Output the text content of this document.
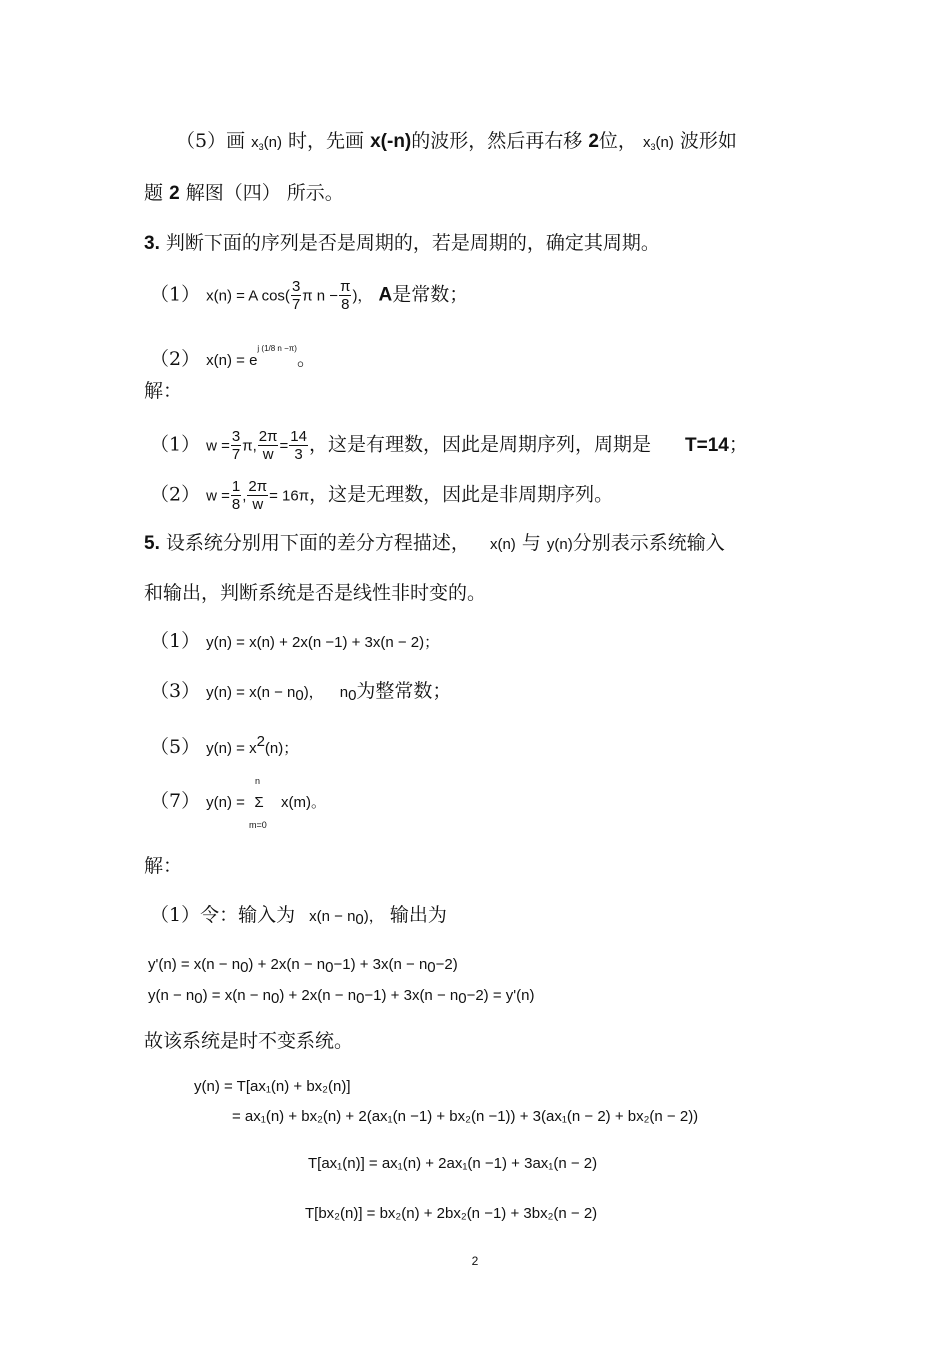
（5）画 $x_3(n)$ 时，先画 x(-n)的波形，然后再右移 2位， $x_3(n)$ 波形如
题 2 解图（四） 所示。
3. 判断下面的序列是否是周期的，若是周期的，确定其周期。
（1） x(n) = A $\cos( \frac{3}{7}$ π $n - \frac{\pi}{8}$ )， A是常数；
（2） $x(n) = e^{j (1/8 n -\pi)}$。
解：
（1） $w = \frac{3}{7} \pi$, $\frac{2\pi}{w} = \frac{14}{3}$ ，这是有理数，因此是周期序列，周期是 T=14；
（2） $w = \frac{1}{8}$ , $\frac{2\pi}{w} = 16\pi$，这是无理数，因此是非周期序列。
5. 设系统分别用下面的差分方程描述， x(n) 与 y(n)分别表示系统输入
和输出，判断系统是否是线性非时变的。
（1） y(n) = x(n) + 2x(n −1) + 3x(n − 2)；
（3） $y(n) = x(n - n_0)$， $n_0$为整常数；
（5） $y(n) = x^2(n)$；
（7） y(n) =
n
Σ
m=0
x(m)。
解：
（1）令：输入为 $x(n - n_0)$， 输出为
$y'(n) = x(n - n_0) + 2x(n - n_0-1) + 3x(n - n_0-2)$
$y(n - n_0) = x(n - n_0) + 2x(n - n_0-1) + 3x(n - n_0-2) = y'(n)$
故该系统是时不变系统。
y(n) = T[ax₁(n) + bx₂(n)]
= ax₁(n) + bx₂(n) + 2(ax₁(n −1) + bx₂(n −1)) + 3(ax₁(n − 2) + bx₂(n − 2))
T[ax₁(n)] = ax₁(n) + 2ax₁(n −1) + 3ax₁(n − 2)
T[bx₂(n)] = bx₂(n) + 2bx₂(n −1) + 3bx₂(n − 2)
2
